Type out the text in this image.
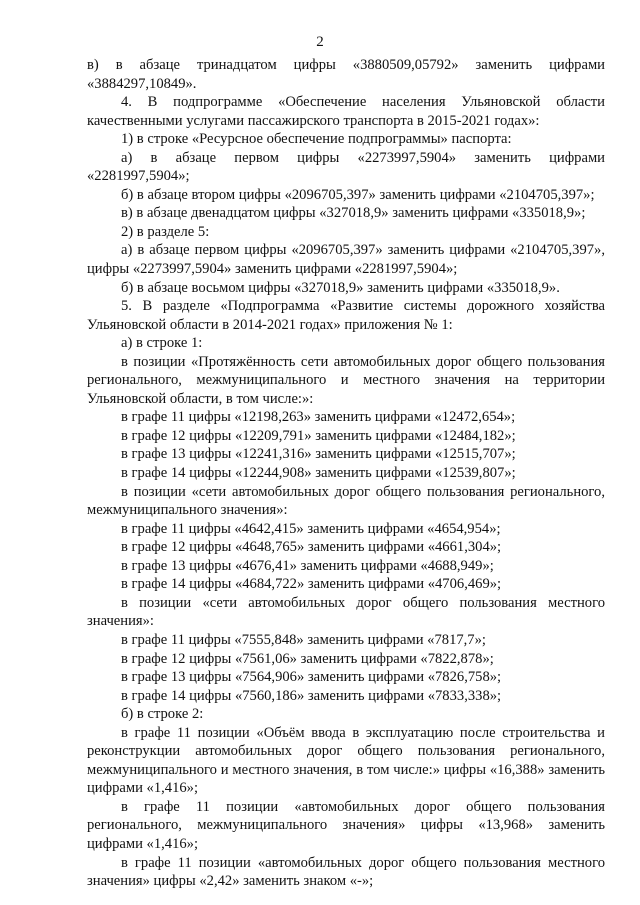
2

в) в абзаце тринадцатом цифры «3880509,05792» заменить цифрами «3884297,10849».

4. В подпрограмме «Обеспечение населения Ульяновской области качественными услугами пассажирского транспорта в 2015-2021 годах»:

1) в строке «Ресурсное обеспечение подпрограммы» паспорта:

а) в абзаце первом цифры «2273997,5904» заменить цифрами «2281997,5904»;

б) в абзаце втором цифры «2096705,397» заменить цифрами «2104705,397»;

в) в абзаце двенадцатом цифры «327018,9» заменить цифрами «335018,9»;

2) в разделе 5:

а) в абзаце первом цифры «2096705,397» заменить цифрами «2104705,397», цифры «2273997,5904» заменить цифрами «2281997,5904»;

б) в абзаце восьмом цифры «327018,9» заменить цифрами «335018,9».

5. В разделе «Подпрограмма «Развитие системы дорожного хозяйства Ульяновской области в 2014-2021 годах» приложения № 1:

а) в строке 1:

в позиции «Протяжённость сети автомобильных дорог общего пользования регионального, межмуниципального и местного значения на территории Ульяновской области, в том числе:»:

в графе 11 цифры «12198,263» заменить цифрами «12472,654»;

в графе 12 цифры «12209,791» заменить цифрами «12484,182»;

в графе 13 цифры «12241,316» заменить цифрами «12515,707»;

в графе 14 цифры «12244,908» заменить цифрами «12539,807»;

в позиции «сети автомобильных дорог общего пользования регионального, межмуниципального значения»:

в графе 11 цифры «4642,415» заменить цифрами «4654,954»;

в графе 12 цифры «4648,765» заменить цифрами «4661,304»;

в графе 13 цифры «4676,41» заменить цифрами «4688,949»;

в графе 14 цифры «4684,722» заменить цифрами «4706,469»;

в позиции «сети автомобильных дорог общего пользования местного значения»:

в графе 11 цифры «7555,848» заменить цифрами «7817,7»;

в графе 12 цифры «7561,06» заменить цифрами «7822,878»;

в графе 13 цифры «7564,906» заменить цифрами «7826,758»;

в графе 14 цифры «7560,186» заменить цифрами «7833,338»;

б) в строке 2:

в графе 11 позиции «Объём ввода в эксплуатацию после строительства и реконструкции автомобильных дорог общего пользования регионального, межмуниципального и местного значения, в том числе:» цифры «16,388» заменить цифрами «1,416»;

в графе 11 позиции «автомобильных дорог общего пользования регионального, межмуниципального значения» цифры «13,968» заменить цифрами «1,416»;

в графе 11 позиции «автомобильных дорог общего пользования местного значения» цифры «2,42» заменить знаком «-»;
